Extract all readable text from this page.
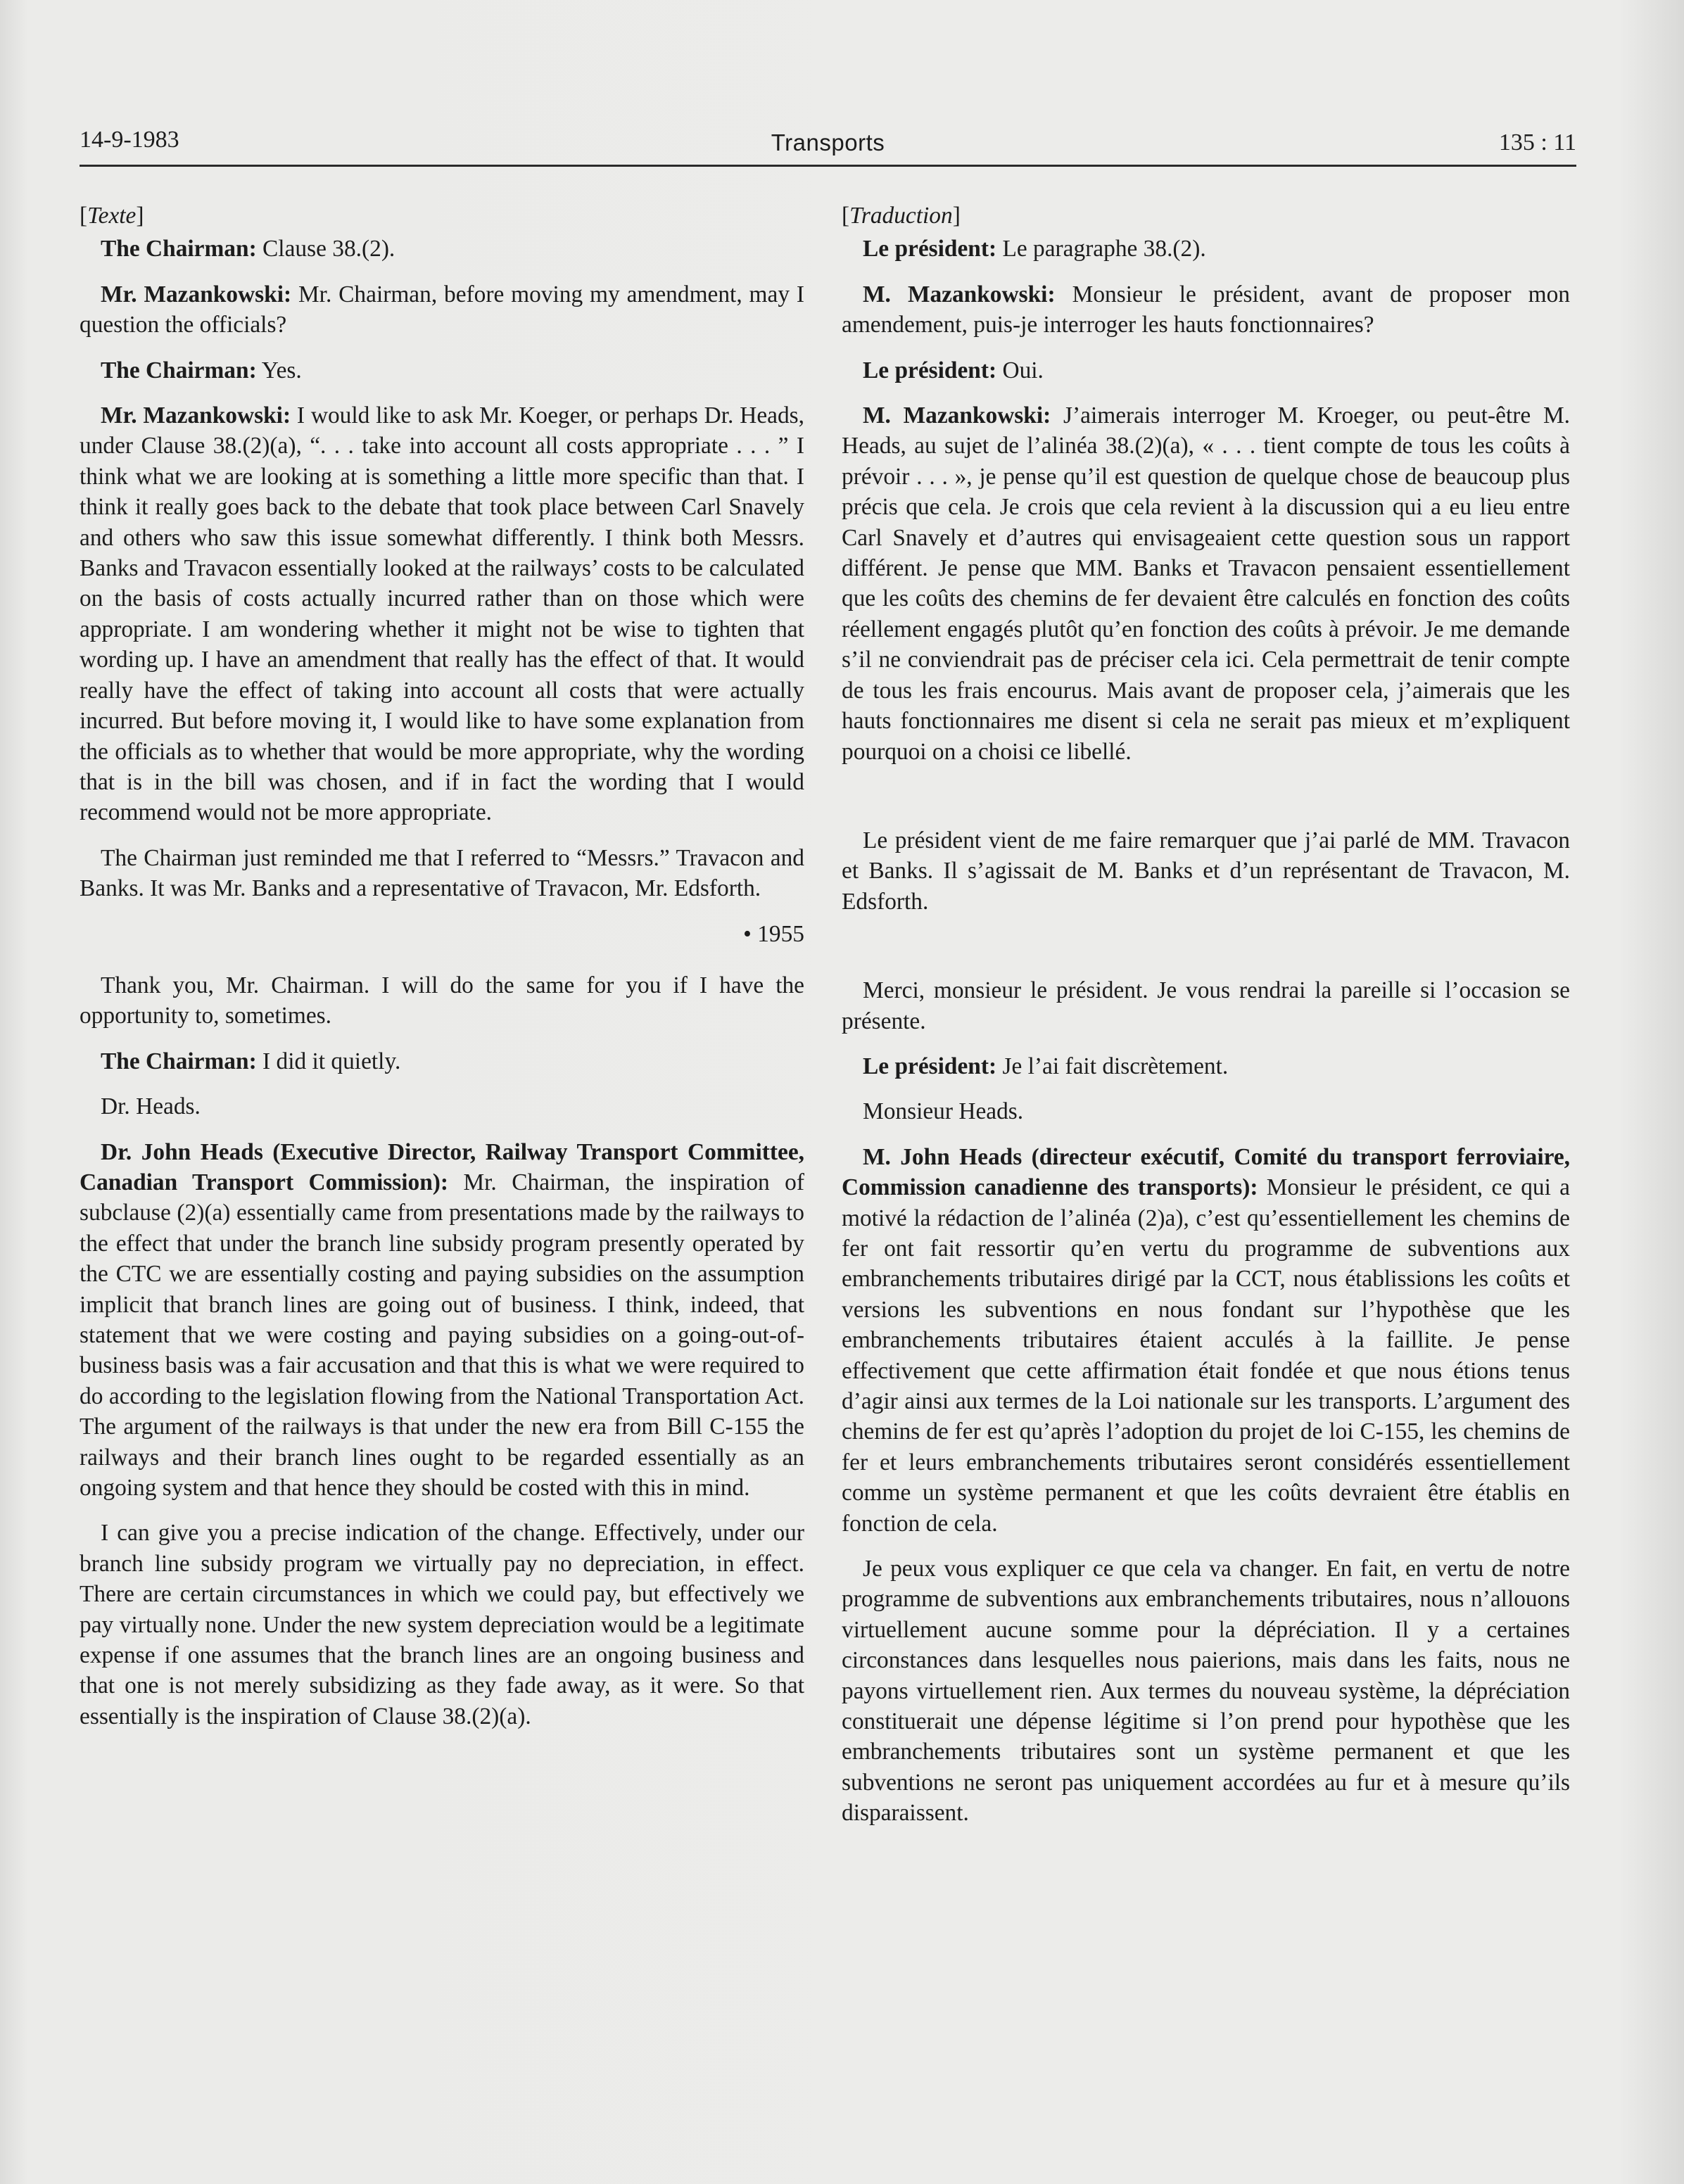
14-9-1983	Transports	135 : 11

[Texte]

The Chairman: Clause 38.(2).

Mr. Mazankowski: Mr. Chairman, before moving my amendment, may I question the officials?

The Chairman: Yes.

Mr. Mazankowski: I would like to ask Mr. Koeger, or perhaps Dr. Heads, under Clause 38.(2)(a), “. . . take into account all costs appropriate . . . ” I think what we are looking at is something a little more specific than that. I think it really goes back to the debate that took place between Carl Snavely and others who saw this issue somewhat differently. I think both Messrs. Banks and Travacon essentially looked at the railways’ costs to be calculated on the basis of costs actually incurred rather than on those which were appropriate. I am wondering whether it might not be wise to tighten that wording up. I have an amendment that really has the effect of that. It would really have the effect of taking into account all costs that were actually incurred. But before moving it, I would like to have some explanation from the officials as to whether that would be more appropriate, why the wording that is in the bill was chosen, and if in fact the wording that I would recommend would not be more appropriate.

The Chairman just reminded me that I referred to “Messrs.” Travacon and Banks. It was Mr. Banks and a representative of Travacon, Mr. Edsforth.

• 1955

Thank you, Mr. Chairman. I will do the same for you if I have the opportunity to, sometimes.

The Chairman: I did it quietly.

Dr. Heads.

Dr. John Heads (Executive Director, Railway Transport Committee, Canadian Transport Commission): Mr. Chairman, the inspiration of subclause (2)(a) essentially came from presentations made by the railways to the effect that under the branch line subsidy program presently operated by the CTC we are essentially costing and paying subsidies on the assumption implicit that branch lines are going out of business. I think, indeed, that statement that we were costing and paying subsidies on a going-out-of-business basis was a fair accusation and that this is what we were required to do according to the legislation flowing from the National Transportation Act. The argument of the railways is that under the new era from Bill C-155 the railways and their branch lines ought to be regarded essentially as an ongoing system and that hence they should be costed with this in mind.

I can give you a precise indication of the change. Effectively, under our branch line subsidy program we virtually pay no depreciation, in effect. There are certain circumstances in which we could pay, but effectively we pay virtually none. Under the new system depreciation would be a legitimate expense if one assumes that the branch lines are an ongoing business and that one is not merely subsidizing as they fade away, as it were. So that essentially is the inspiration of Clause 38.(2)(a).

[Traduction]

Le président: Le paragraphe 38.(2).

M. Mazankowski: Monsieur le président, avant de proposer mon amendement, puis-je interroger les hauts fonctionnaires?

Le président: Oui.

M. Mazankowski: J’aimerais interroger M. Kroeger, ou peut-être M. Heads, au sujet de l’alinéa 38.(2)(a), « . . . tient compte de tous les coûts à prévoir . . . », je pense qu’il est question de quelque chose de beaucoup plus précis que cela. Je crois que cela revient à la discussion qui a eu lieu entre Carl Snavely et d’autres qui envisageaient cette question sous un rapport différent. Je pense que MM. Banks et Travacon pensaient essentiellement que les coûts des chemins de fer devaient être calculés en fonction des coûts réellement engagés plutôt qu’en fonction des coûts à prévoir. Je me demande s’il ne conviendrait pas de préciser cela ici. Cela permettrait de tenir compte de tous les frais encourus. Mais avant de proposer cela, j’aimerais que les hauts fonctionnaires me disent si cela ne serait pas mieux et m’expliquent pourquoi on a choisi ce libellé.

Le président vient de me faire remarquer que j’ai parlé de MM. Travacon et Banks. Il s’agissait de M. Banks et d’un représentant de Travacon, M. Edsforth.

Merci, monsieur le président. Je vous rendrai la pareille si l’occasion se présente.

Le président: Je l’ai fait discrètement.

Monsieur Heads.

M. John Heads (directeur exécutif, Comité du transport ferroviaire, Commission canadienne des transports): Monsieur le président, ce qui a motivé la rédaction de l’alinéa (2)a), c’est qu’essentiellement les chemins de fer ont fait ressortir qu’en vertu du programme de subventions aux embranchements tributaires dirigé par la CCT, nous établissions les coûts et versions les subventions en nous fondant sur l’hypothèse que les embranchements tributaires étaient acculés à la faillite. Je pense effectivement que cette affirmation était fondée et que nous étions tenus d’agir ainsi aux termes de la Loi nationale sur les transports. L’argument des chemins de fer est qu’après l’adoption du projet de loi C-155, les chemins de fer et leurs embranchements tributaires seront considérés essentiellement comme un système permanent et que les coûts devraient être établis en fonction de cela.

Je peux vous expliquer ce que cela va changer. En fait, en vertu de notre programme de subventions aux embranchements tributaires, nous n’allouons virtuellement aucune somme pour la dépréciation. Il y a certaines circonstances dans lesquelles nous paierions, mais dans les faits, nous ne payons virtuellement rien. Aux termes du nouveau système, la dépréciation constituerait une dépense légitime si l’on prend pour hypothèse que les embranchements tributaires sont un système permanent et que les subventions ne seront pas uniquement accordées au fur et à mesure qu’ils disparaissent.
